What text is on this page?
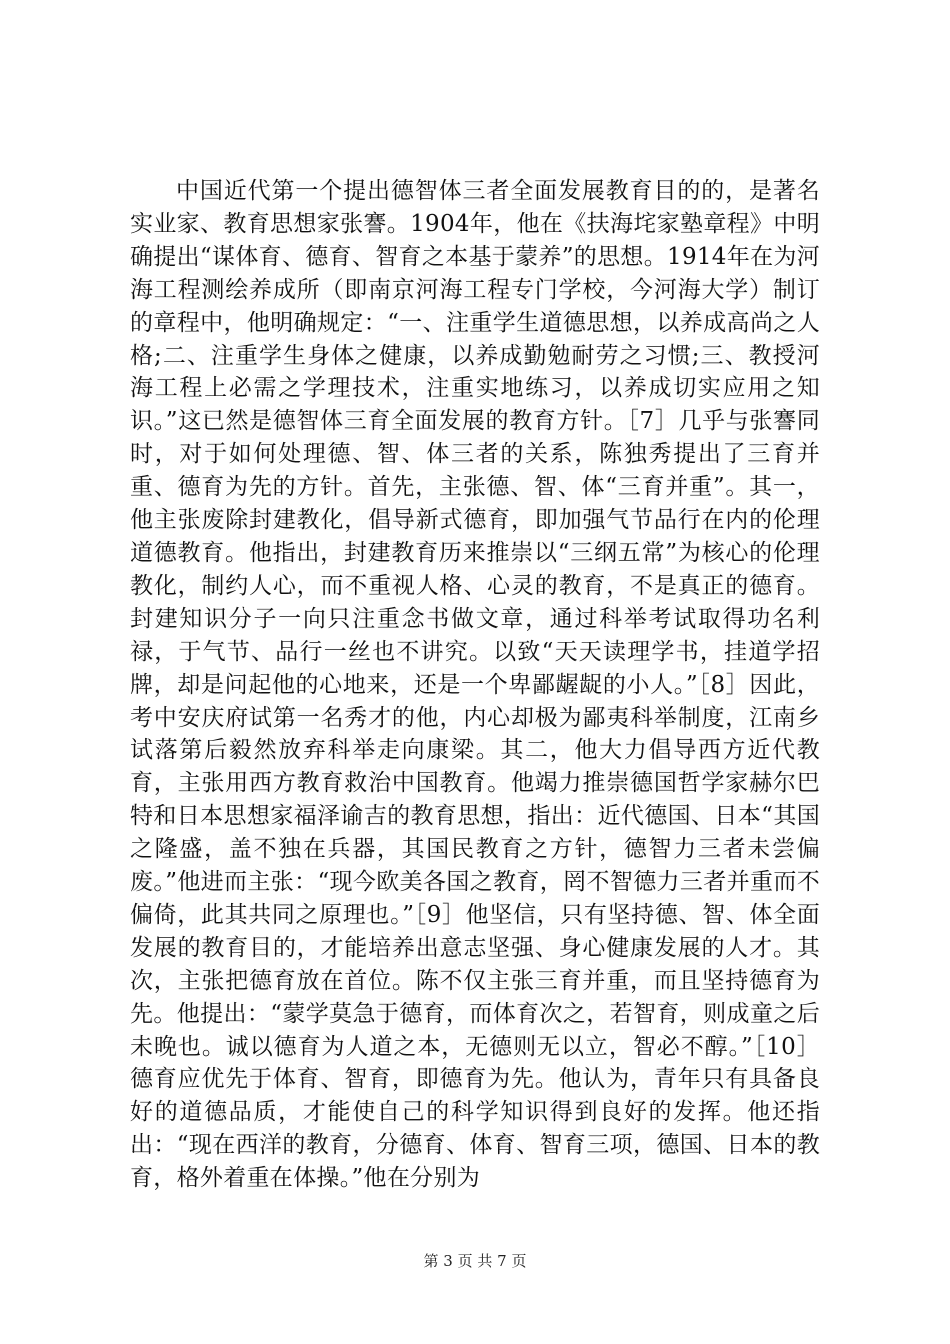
中国近代第一个提出德智体三者全面发展教育目的的，是著名实业家、教育思想家张謇。1904年，他在《扶海垞家塾章程》中明确提出“谋体育、德育、智育之本基于蒙养”的思想。1914年在为河海工程测绘养成所（即南京河海工程专门学校，今河海大学）制订的章程中，他明确规定：“一、注重学生道德思想，以养成高尚之人格;二、注重学生身体之健康，以养成勤勉耐劳之习惯;三、教授河海工程上必需之学理技术，注重实地练习，以养成切实应用之知识。”这已然是德智体三育全面发展的教育方针。［7］几乎与张謇同时，对于如何处理德、智、体三者的关系，陈独秀提出了三育并重、德育为先的方针。首先，主张德、智、体“三育并重”。其一，他主张废除封建教化，倡导新式德育，即加强气节品行在内的伦理道德教育。他指出，封建教育历来推崇以“三纲五常”为核心的伦理教化，制约人心，而不重视人格、心灵的教育，不是真正的德育。封建知识分子一向只注重念书做文章，通过科举考试取得功名利禄，于气节、品行一丝也不讲究。以致“天天读理学书，挂道学招牌，却是问起他的心地来，还是一个卑鄙龌龊的小人。”［8］因此，考中安庆府试第一名秀才的他，内心却极为鄙夷科举制度，江南乡试落第后毅然放弃科举走向康梁。其二，他大力倡导西方近代教育，主张用西方教育救治中国教育。他竭力推崇德国哲学家赫尔巴特和日本思想家福泽谕吉的教育思想，指出：近代德国、日本“其国之隆盛，盖不独在兵器，其国民教育之方针，德智力三者未尝偏废。”他进而主张：“现今欧美各国之教育，罔不智德力三者并重而不偏倚，此其共同之原理也。”［9］他坚信，只有坚持德、智、体全面发展的教育目的，才能培养出意志坚强、身心健康发展的人才。其次，主张把德育放在首位。陈不仅主张三育并重，而且坚持德育为先。他提出：“蒙学莫急于德育，而体育次之，若智育，则成童之后未晚也。诚以德育为人道之本，无德则无以立，智必不醇。”［10］德育应优先于体育、智育，即德育为先。他认为，青年只有具备良好的道德品质，才能使自己的科学知识得到良好的发挥。他还指出：“现在西洋的教育，分德育、体育、智育三项，德国、日本的教育，格外着重在体操。”他在分别为

第 3 页 共 7 页
